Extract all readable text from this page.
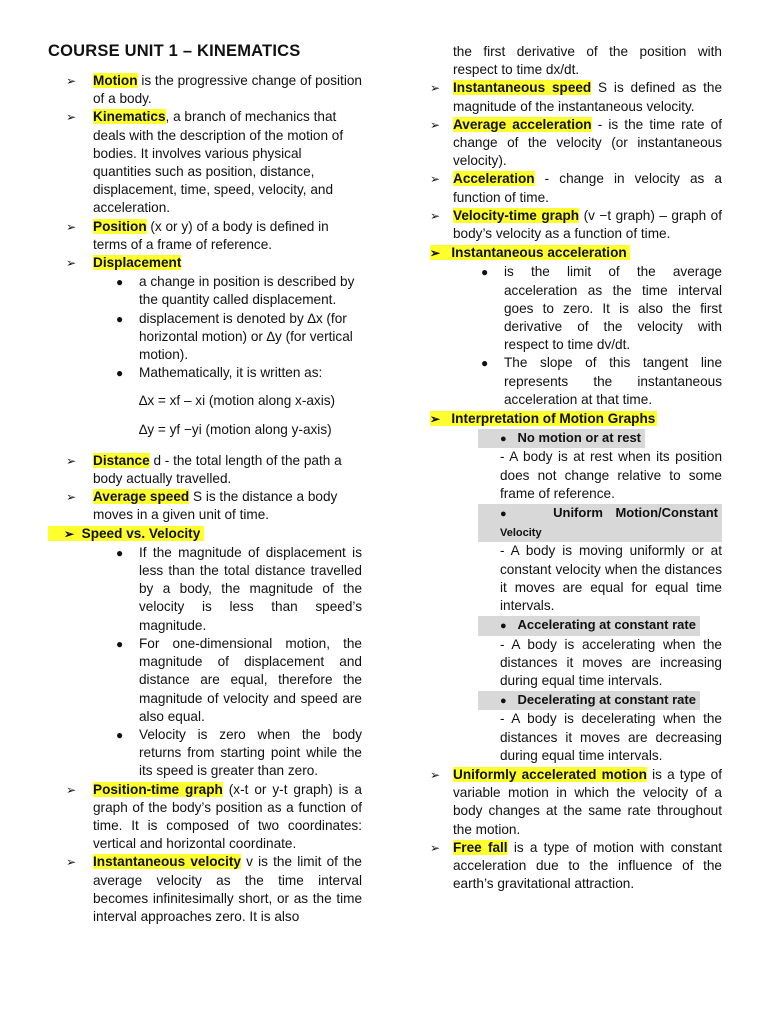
COURSE UNIT 1 – KINEMATICS
➢ Motion is the progressive change of position of a body.
➢ Kinematics, a branch of mechanics that deals with the description of the motion of bodies. It involves various physical quantities such as position, distance, displacement, time, speed, velocity, and acceleration.
➢ Position (x or y) of a body is defined in terms of a frame of reference.
➢ Displacement
● a change in position is described by the quantity called displacement.
● displacement is denoted by ∆x (for horizontal motion) or ∆y (for vertical motion).
● Mathematically, it is written as:
∆x = xf – xi (motion along x-axis)
∆y = yf −yi (motion along y-axis)
➢ Distance d - the total length of the path a body actually travelled.
➢ Average speed S is the distance a body moves in a given unit of time.
➢ Speed vs. Velocity
● If the magnitude of displacement is less than the total distance travelled by a body, the magnitude of the velocity is less than speed’s magnitude.
● For one-dimensional motion, the magnitude of displacement and distance are equal, therefore the magnitude of velocity and speed are also equal.
● Velocity is zero when the body returns from starting point while the its speed is greater than zero.
➢ Position-time graph (x-t or y-t graph) is a graph of the body’s position as a function of time. It is composed of two coordinates: vertical and horizontal coordinate.
➢ Instantaneous velocity v is the limit of the average velocity as the time interval becomes infinitesimally short, or as the time interval approaches zero. It is also
the first derivative of the position with respect to time dx/dt.
➢ Instantaneous speed S is defined as the magnitude of the instantaneous velocity.
➢ Average acceleration - is the time rate of change of the velocity (or instantaneous velocity).
➢ Acceleration - change in velocity as a function of time.
➢ Velocity-time graph (v −t graph) – graph of body’s velocity as a function of time.
➢ Instantaneous acceleration
● is the limit of the average acceleration as the time interval goes to zero. It is also the first derivative of the velocity with respect to time dv/dt.
● The slope of this tangent line represents the instantaneous acceleration at that time.
➢ Interpretation of Motion Graphs
● No motion or at rest
- A body is at rest when its position does not change relative to some frame of reference.
●	Uniform Motion/Constant Velocity
- A body is moving uniformly or at constant velocity when the distances it moves are equal for equal time intervals.
● Accelerating at constant rate
- A body is accelerating when the distances it moves are increasing during equal time intervals.
● Decelerating at constant rate
- A body is decelerating when the distances it moves are decreasing during equal time intervals.
➢ Uniformly accelerated motion is a type of variable motion in which the velocity of a body changes at the same rate throughout the motion.
➢ Free fall is a type of motion with constant acceleration due to the influence of the earth’s gravitational attraction.
